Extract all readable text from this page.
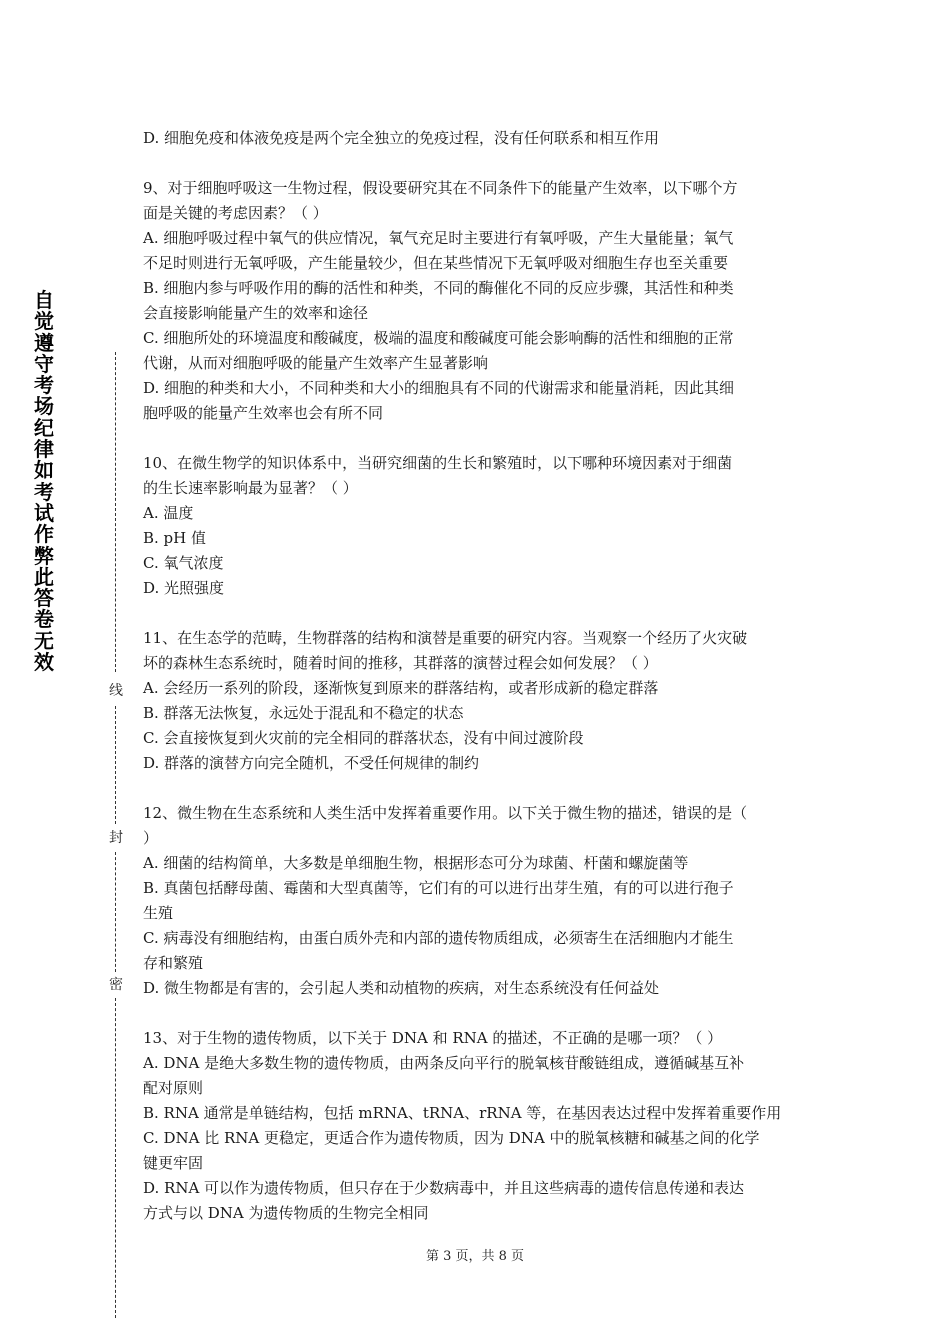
自
觉
遵
守
考
场
纪
律
如
考
试
作
弊
此
答
卷
无
效
线
封
密
D. 细胞免疫和体液免疫是两个完全独立的免疫过程，没有任何联系和相互作用
9、对于细胞呼吸这一生物过程，假设要研究其在不同条件下的能量产生效率，以下哪个方
面是关键的考虑因素？（ ）
A. 细胞呼吸过程中氧气的供应情况，氧气充足时主要进行有氧呼吸，产生大量能量；氧气
不足时则进行无氧呼吸，产生能量较少，但在某些情况下无氧呼吸对细胞生存也至关重要
B. 细胞内参与呼吸作用的酶的活性和种类，不同的酶催化不同的反应步骤，其活性和种类
会直接影响能量产生的效率和途径
C. 细胞所处的环境温度和酸碱度，极端的温度和酸碱度可能会影响酶的活性和细胞的正常
代谢，从而对细胞呼吸的能量产生效率产生显著影响
D. 细胞的种类和大小，不同种类和大小的细胞具有不同的代谢需求和能量消耗，因此其细
胞呼吸的能量产生效率也会有所不同
10、在微生物学的知识体系中，当研究细菌的生长和繁殖时，以下哪种环境因素对于细菌
的生长速率影响最为显著？（ ）
A. 温度
B. pH 值
C. 氧气浓度
D. 光照强度
11、在生态学的范畴，生物群落的结构和演替是重要的研究内容。当观察一个经历了火灾破
坏的森林生态系统时，随着时间的推移，其群落的演替过程会如何发展？（ ）
A. 会经历一系列的阶段，逐渐恢复到原来的群落结构，或者形成新的稳定群落
B. 群落无法恢复，永远处于混乱和不稳定的状态
C. 会直接恢复到火灾前的完全相同的群落状态，没有中间过渡阶段
D. 群落的演替方向完全随机，不受任何规律的制约
12、微生物在生态系统和人类生活中发挥着重要作用。以下关于微生物的描述，错误的是（
）
A. 细菌的结构简单，大多数是单细胞生物，根据形态可分为球菌、杆菌和螺旋菌等
B. 真菌包括酵母菌、霉菌和大型真菌等，它们有的可以进行出芽生殖，有的可以进行孢子
生殖
C. 病毒没有细胞结构，由蛋白质外壳和内部的遗传物质组成，必须寄生在活细胞内才能生
存和繁殖
D. 微生物都是有害的，会引起人类和动植物的疾病，对生态系统没有任何益处
13、对于生物的遗传物质，以下关于 DNA 和 RNA 的描述，不正确的是哪一项？（ ）
A. DNA 是绝大多数生物的遗传物质，由两条反向平行的脱氧核苷酸链组成，遵循碱基互补
配对原则
B. RNA 通常是单链结构，包括 mRNA、tRNA、rRNA 等，在基因表达过程中发挥着重要作用
C. DNA 比 RNA 更稳定，更适合作为遗传物质，因为 DNA 中的脱氧核糖和碱基之间的化学
键更牢固
D. RNA 可以作为遗传物质，但只存在于少数病毒中，并且这些病毒的遗传信息传递和表达
方式与以 DNA 为遗传物质的生物完全相同
第 3 页，共 8 页
